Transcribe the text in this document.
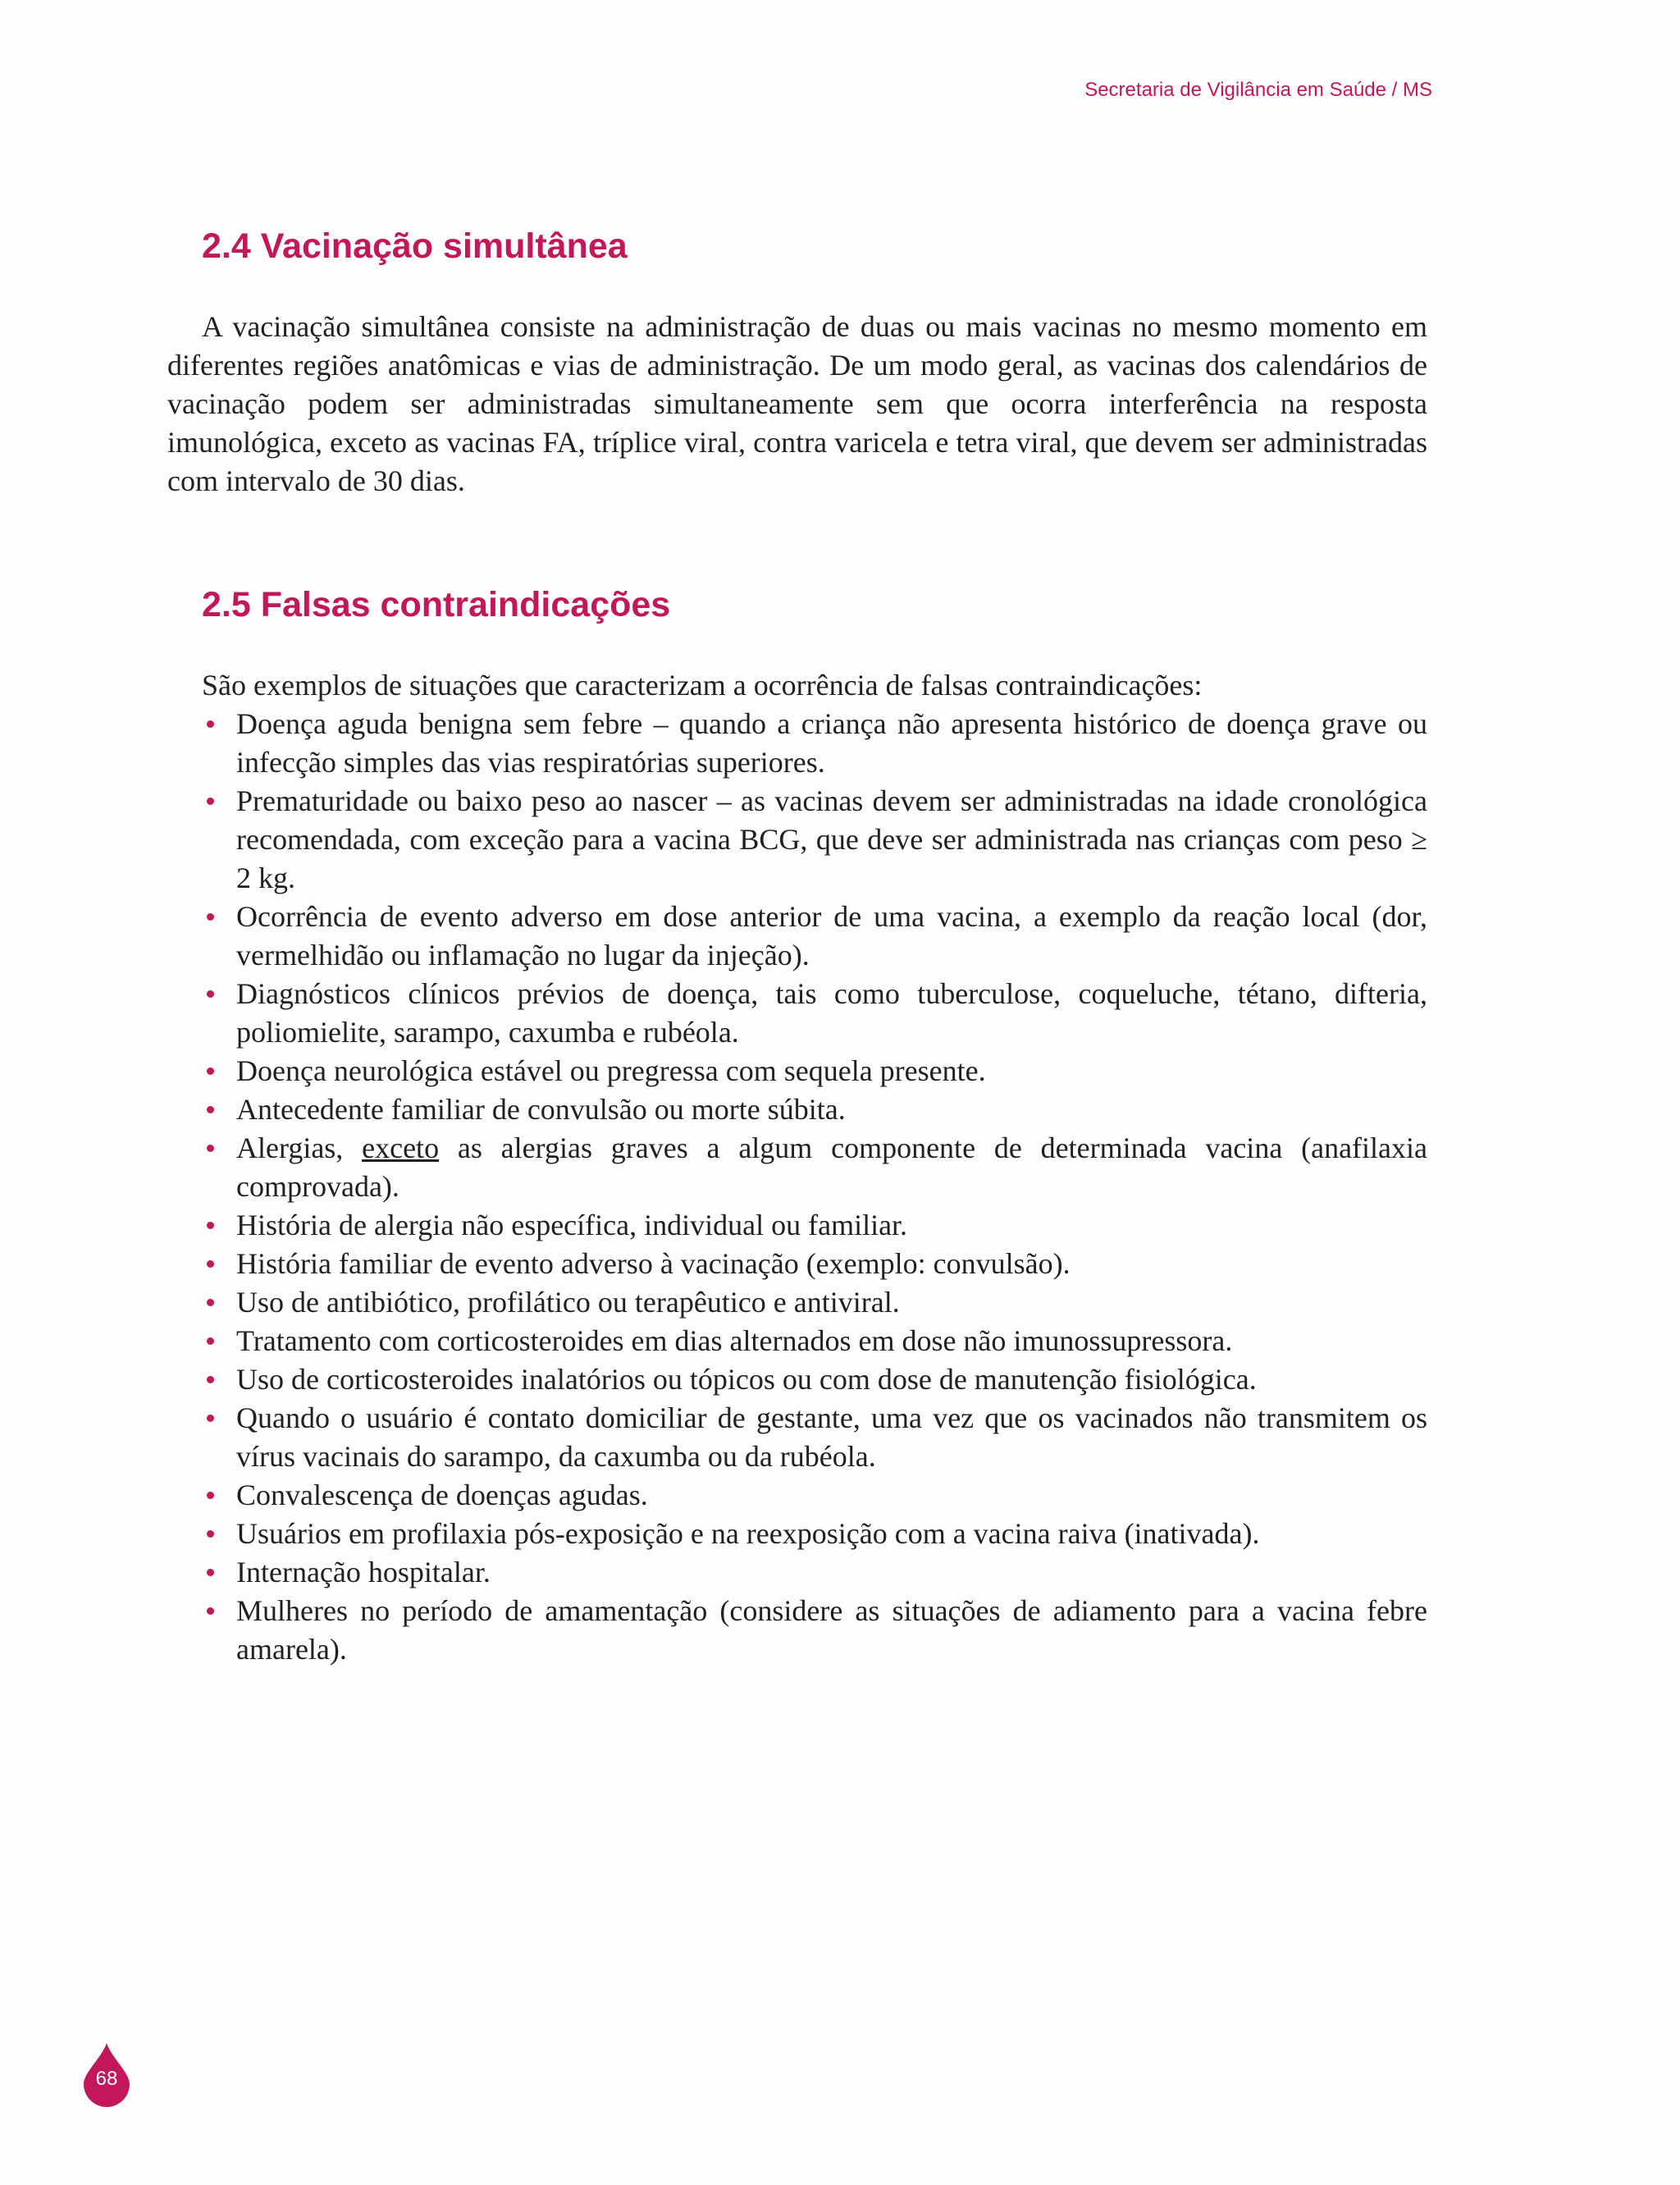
Secretaria de Vigilância em Saúde / MS
2.4 Vacinação simultânea

A vacinação simultânea consiste na administração de duas ou mais vacinas no mesmo momento em diferentes regiões anatômicas e vias de administração. De um modo geral, as vacinas dos calendários de vacinação podem ser administradas simultaneamente sem que ocorra interferência na resposta imunológica, exceto as vacinas FA, tríplice viral, contra varicela e tetra viral, que devem ser administradas com intervalo de 30 dias.

2.5 Falsas contraindicações

São exemplos de situações que caracterizam a ocorrência de falsas contraindicações:

Doença aguda benigna sem febre – quando a criança não apresenta histórico de doença grave ou infecção simples das vias respiratórias superiores.
Prematuridade ou baixo peso ao nascer – as vacinas devem ser administradas na idade cronológica recomendada, com exceção para a vacina BCG, que deve ser administrada nas crianças com peso ≥ 2 kg.
Ocorrência de evento adverso em dose anterior de uma vacina, a exemplo da reação local (dor, vermelhidão ou inflamação no lugar da injeção).
Diagnósticos clínicos prévios de doença, tais como tuberculose, coqueluche, tétano, difteria, poliomielite, sarampo, caxumba e rubéola.
Doença neurológica estável ou pregressa com sequela presente.
Antecedente familiar de convulsão ou morte súbita.
Alergias, exceto as alergias graves a algum componente de determinada vacina (anafilaxia comprovada).
História de alergia não específica, individual ou familiar.
História familiar de evento adverso à vacinação (exemplo: convulsão).
Uso de antibiótico, profilático ou terapêutico e antiviral.
Tratamento com corticosteroides em dias alternados em dose não imunossupressora.
Uso de corticosteroides inalatórios ou tópicos ou com dose de manutenção fisiológica.
Quando o usuário é contato domiciliar de gestante, uma vez que os vacinados não transmitem os vírus vacinais do sarampo, da caxumba ou da rubéola.
Convalescença de doenças agudas.
Usuários em profilaxia pós-exposição e na reexposição com a vacina raiva (inativada).
Internação hospitalar.
Mulheres no período de amamentação (considere as situações de adiamento para a vacina febre amarela).
68
